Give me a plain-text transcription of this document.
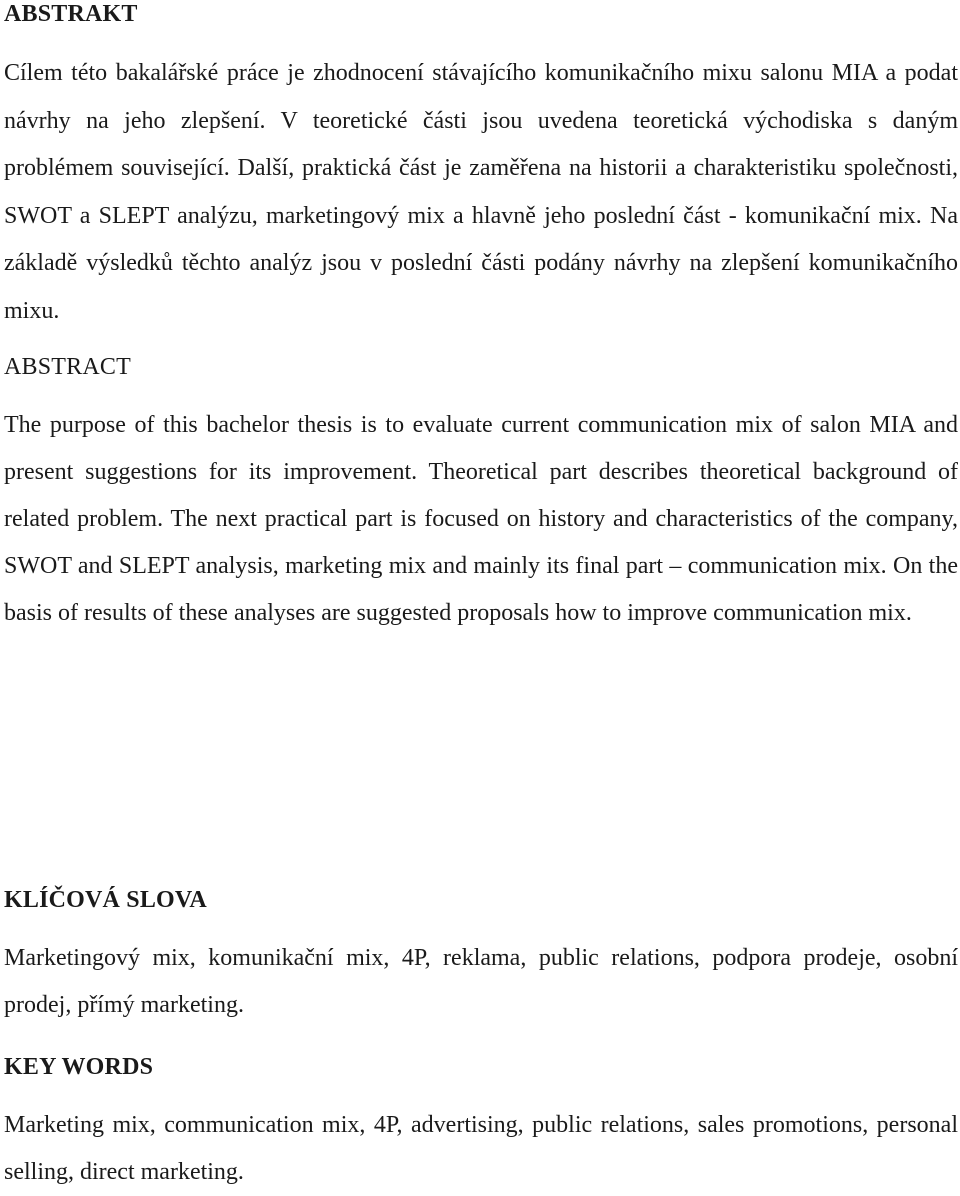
ABSTRAKT

Cílem této bakalářské práce je zhodnocení stávajícího komunikačního mixu salonu MIA a podat návrhy na jeho zlepšení. V teoretické části jsou uvedena teoretická východiska s daným problémem související. Další, praktická část je zaměřena na historii a charakteristiku společnosti, SWOT a SLEPT analýzu, marketingový mix a hlavně jeho poslední část - komunikační mix. Na základě výsledků těchto analýz jsou v poslední části podány návrhy na zlepšení komunikačního mixu.

ABSTRACT

The purpose of this bachelor thesis is to evaluate current communication mix of salon MIA and present suggestions for its improvement. Theoretical part describes theoretical background of related problem. The next practical part is focused on history and characteristics of the company, SWOT and SLEPT analysis, marketing mix and mainly its final part – communication mix. On the basis of results of these analyses are suggested proposals how to improve communication mix.

KLÍČOVÁ SLOVA

Marketingový mix, komunikační mix, 4P, reklama, public relations, podpora prodeje, osobní prodej, přímý marketing.

KEY WORDS

Marketing mix, communication mix, 4P, advertising, public relations, sales promotions, personal selling, direct marketing.
